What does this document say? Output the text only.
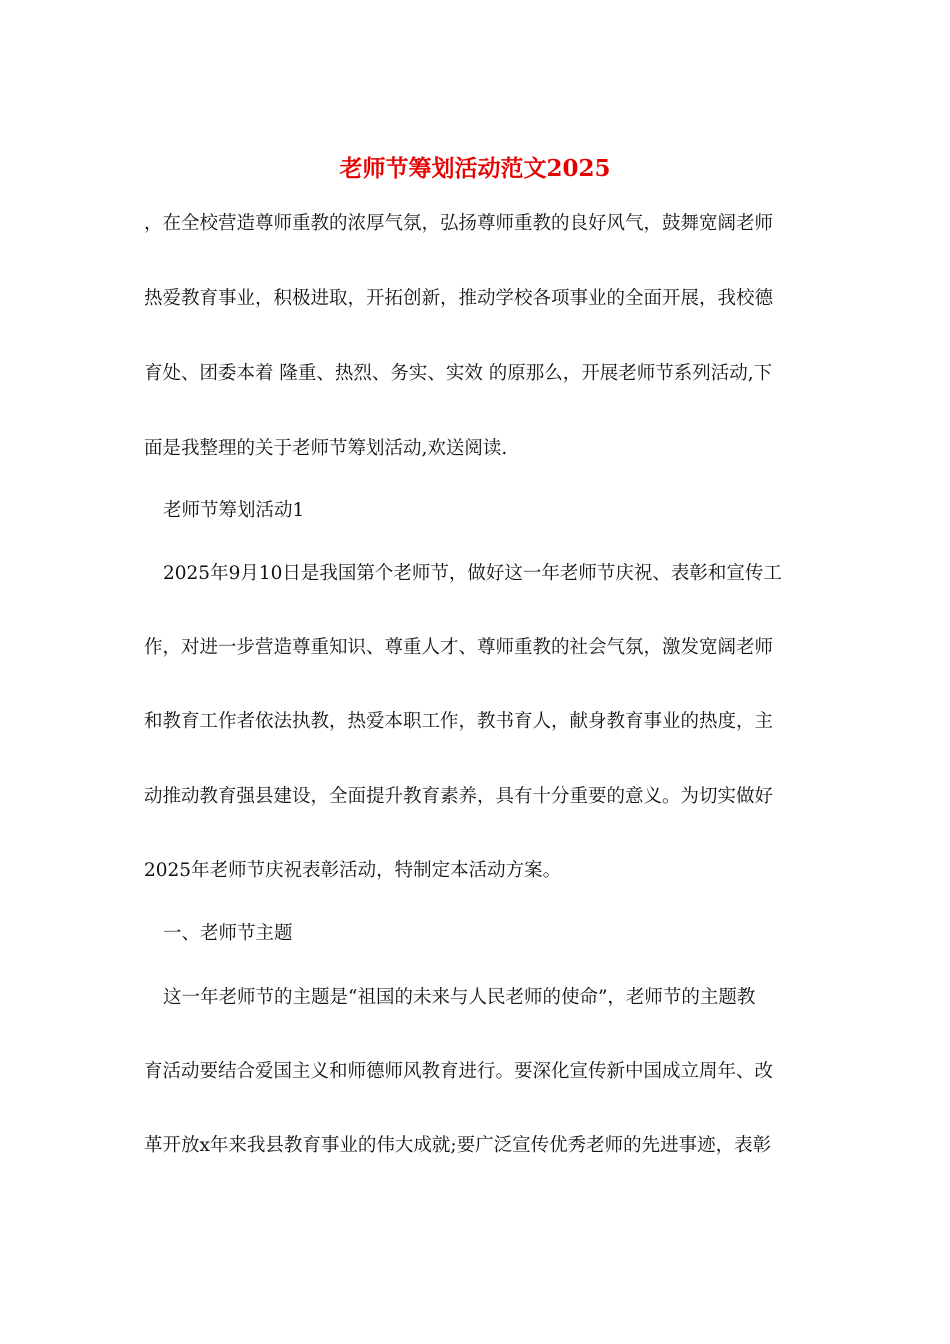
老师节筹划活动范文2025
，在全校营造尊师重教的浓厚气氛，弘扬尊师重教的良好风气，鼓舞宽阔老师
热爱教育事业，积极进取，开拓创新，推动学校各项事业的全面开展，我校德
育处、团委本着 隆重、热烈、务实、实效 的原那么，开展老师节系列活动,下
面是我整理的关于老师节筹划活动,欢送阅读.
老师节筹划活动1
2025年9月10日是我国第个老师节，做好这一年老师节庆祝、表彰和宣传工
作，对进一步营造尊重知识、尊重人才、尊师重教的社会气氛，激发宽阔老师
和教育工作者依法执教，热爱本职工作，教书育人，献身教育事业的热度，主
动推动教育强县建设，全面提升教育素养，具有十分重要的意义。为切实做好
2025年老师节庆祝表彰活动，特制定本活动方案。
一、老师节主题
这一年老师节的主题是“祖国的未来与人民老师的使命”，老师节的主题教
育活动要结合爱国主义和师德师风教育进行。要深化宣传新中国成立周年、改
革开放x年来我县教育事业的伟大成就;要广泛宣传优秀老师的先进事迹，表彰
